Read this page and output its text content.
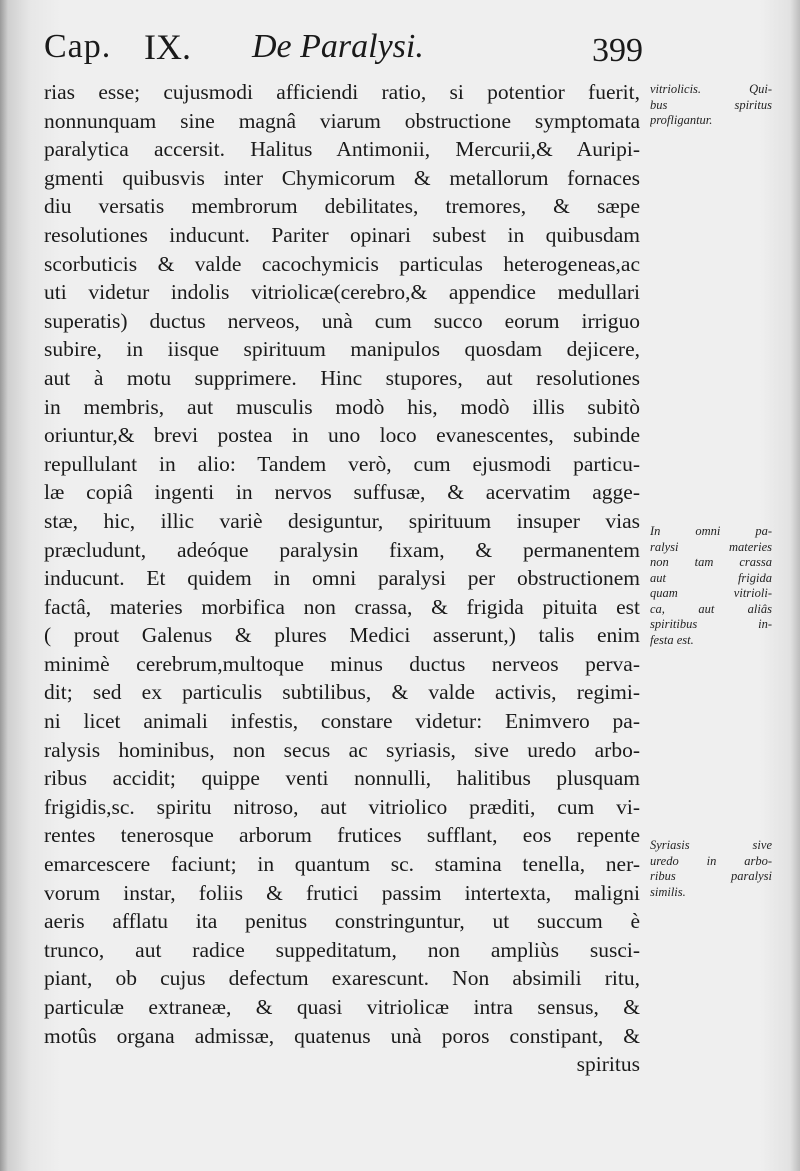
Cap. IX. De Paralysi.	399
rias esse; cujusmodi afficiendi ratio, si potentior fuerit,
nonnunquam sine magnâ viarum obstructione symptomata
paralytica accersit. Halitus Antimonii, Mercurii,& Auripi-
gmenti quibusvis inter Chymicorum & metallorum fornaces
diu versatis membrorum debilitates, tremores, & sæpe
resolutiones inducunt. Pariter opinari subest in quibusdam
scorbuticis & valde cacochymicis particulas heterogeneas,ac
uti videtur indolis vitriolicæ(cerebro,& appendice medullari
superatis) ductus nerveos, unà cum succo eorum irriguo
subire, in iisque spirituum manipulos quosdam dejicere,
aut à motu supprimere. Hinc stupores, aut resolutiones
in membris, aut musculis modò his, modò illis subitò
oriuntur,& brevi postea in uno loco evanescentes, subinde
repullulant in alio: Tandem verò, cum ejusmodi particu-
læ copiâ ingenti in nervos suffusæ, & acervatim agge-
stæ, hic, illic variè desiguntur, spirituum insuper vias
præcludunt, adeóque paralysin fixam, & permanentem
inducunt. Et quidem in omni paralysi per obstructionem
factâ, materies morbifica non crassa, & frigida pituita est
( prout Galenus & plures Medici asserunt,) talis enim
minimè cerebrum,multoque minus ductus nerveos perva-
dit; sed ex particulis subtilibus, & valde activis, regimi-
ni licet animali infestis, constare videtur: Enimvero pa-
ralysis hominibus, non secus ac syriasis, sive uredo arbo-
ribus accidit; quippe venti nonnulli, halitibus plusquam
frigidis,sc. spiritu nitroso, aut vitriolico præditi, cum vi-
rentes tenerosque arborum frutices sufflant, eos repente
emarcescere faciunt; in quantum sc. stamina tenella, ner-
vorum instar, foliis & frutici passim intertexta, maligni
aeris afflatu ita penitus constringuntur, ut succum è
trunco, aut radice suppeditatum, non ampliùs susci-
piant, ob cujus defectum exarescunt. Non absimili ritu,
particulæ extraneæ, & quasi vitriolicæ intra sensus, &
motûs organa admissæ, quatenus unà poros constipant, &
spiritus
vitriolicis. Qui-
bus spiritus
profligantur.
In omni pa-
ralysi materies
non tam crassa
aut frigida
quam vitrioli-
ca, aut aliâs
spiritibus in-
festa est.
Syriasis sive
uredo in arbo-
ribus paralysi
similis.
